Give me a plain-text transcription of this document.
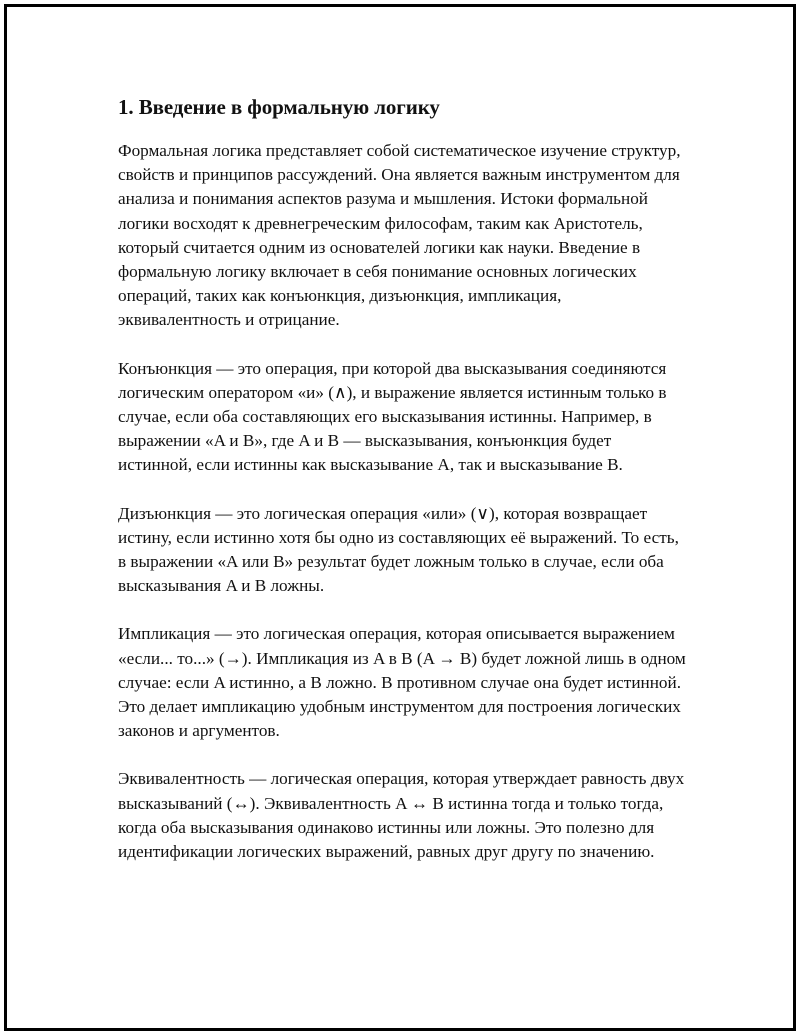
1. Введение в формальную логику

Формальная логика представляет собой систематическое изучение структур, свойств и принципов рассуждений. Она является важным инструментом для анализа и понимания аспектов разума и мышления. Истоки формальной логики восходят к древнегреческим философам, таким как Аристотель, который считается одним из основателей логики как науки. Введение в формальную логику включает в себя понимание основных логических операций, таких как конъюнкция, дизъюнкция, импликация, эквивалентность и отрицание.

Конъюнкция — это операция, при которой два высказывания соединяются логическим оператором «и» (∧), и выражение является истинным только в случае, если оба составляющих его высказывания истинны. Например, в выражении «A и B», где A и B — высказывания, конъюнкция будет истинной, если истинны как высказывание A, так и высказывание B.

Дизъюнкция — это логическая операция «или» (∨), которая возвращает истину, если истинно хотя бы одно из составляющих её выражений. То есть, в выражении «A или B» результат будет ложным только в случае, если оба высказывания A и B ложны.

Импликация — это логическая операция, которая описывается выражением «если... то...» (→). Импликация из A в B (A → B) будет ложной лишь в одном случае: если A истинно, а B ложно. В противном случае она будет истинной. Это делает импликацию удобным инструментом для построения логических законов и аргументов.

Эквивалентность — логическая операция, которая утверждает равность двух высказываний (↔). Эквивалентность A ↔ B истинна тогда и только тогда, когда оба высказывания одинаково истинны или ложны. Это полезно для идентификации логических выражений, равных друг другу по значению.
